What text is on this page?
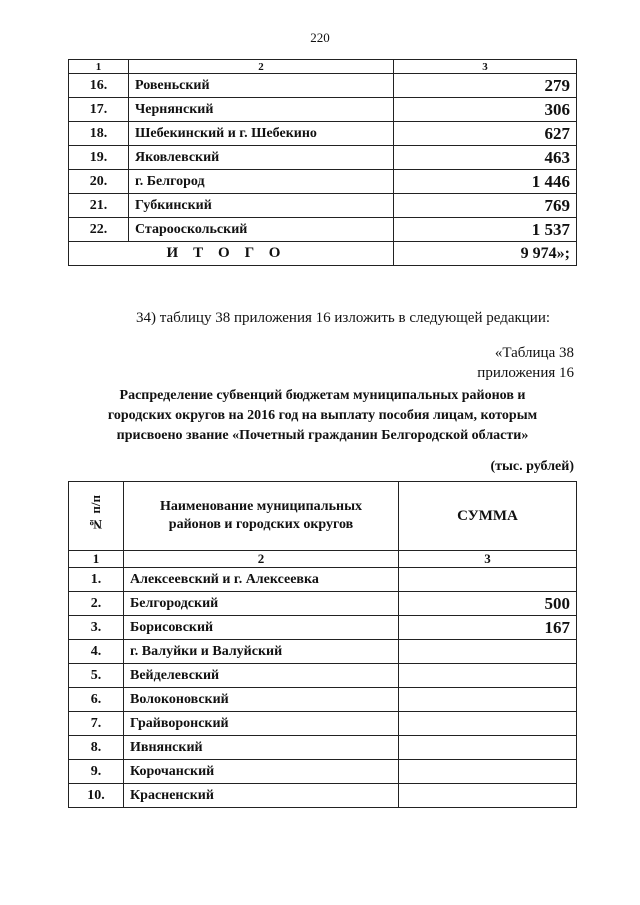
220
1	2	3
16.	Ровеньский	279
17.	Чернянский	306
18.	Шебекинский и г. Шебекино	627
19.	Яковлевский	463
20.	г. Белгород	1 446
21.	Губкинский	769
22.	Старооскольский	1 537
ИТОГО		9 974»;
34) таблицу 38 приложения 16 изложить в следующей редакции:
«Таблица 38
приложения 16
Распределение субвенций бюджетам муниципальных районов и
городских округов на 2016 год на выплату пособия лицам, которым
присвоено звание «Почетный гражданин Белгородской области»
(тыс. рублей)
№ п/п	Наименование муниципальных
районов и городских округов	СУММА
1	2	3
1.	Алексеевский и г. Алексеевка	
2.	Белгородский	500
3.	Борисовский	167
4.	г. Валуйки и Валуйский	
5.	Вейделевский	
6.	Волоконовский	
7.	Грайворонский	
8.	Ивнянский	
9.	Корочанский	
10.	Красненский	
